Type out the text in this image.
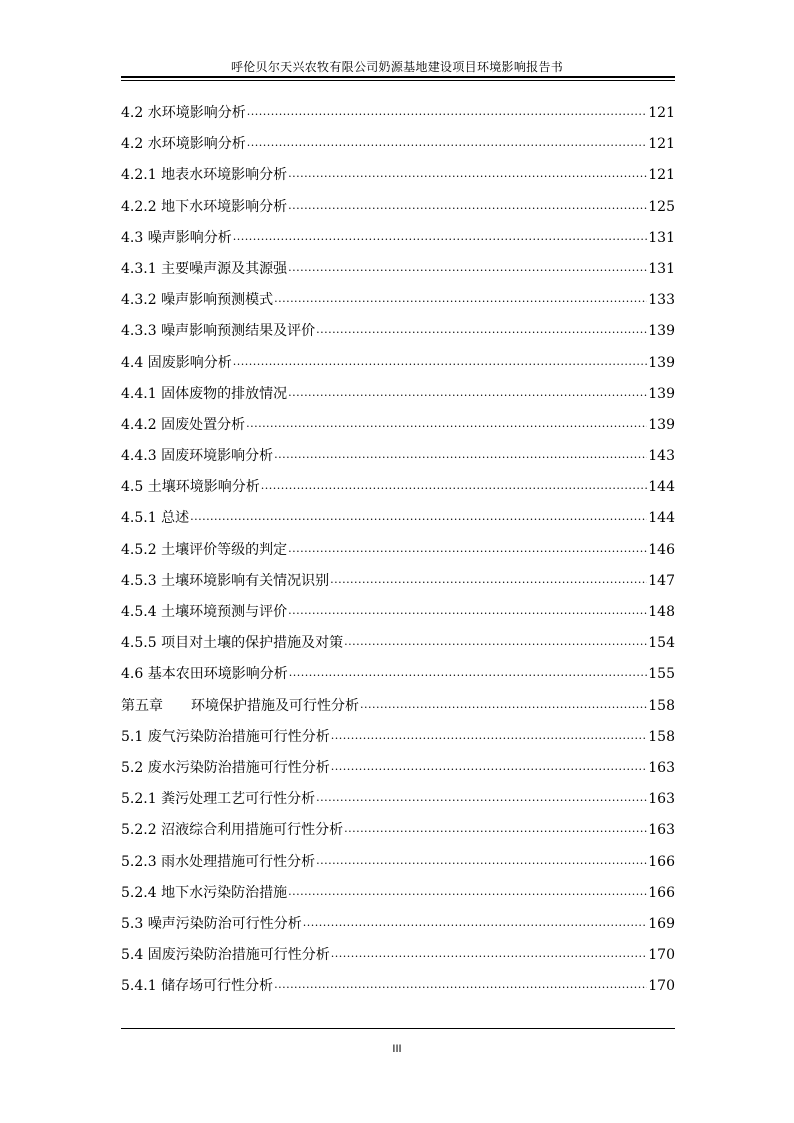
呼伦贝尔天兴农牧有限公司奶源基地建设项目环境影响报告书
4.2 水环境影响分析 .....	121
4.2 水环境影响分析 .....	121
4.2.1 地表水环境影响分析 .....	121
4.2.2 地下水环境影响分析 .....	125
4.3 噪声影响分析 .....	131
4.3.1 主要噪声源及其源强 .....	131
4.3.2 噪声影响预测模式 .....	133
4.3.3 噪声影响预测结果及评价 .....	139
4.4 固废影响分析 .....	139
4.4.1 固体废物的排放情况 .....	139
4.4.2 固废处置分析 .....	139
4.4.3 固废环境影响分析 .....	143
4.5 土壤环境影响分析 .....	144
4.5.1 总述 .....	144
4.5.2 土壤评价等级的判定 .....	146
4.5.3 土壤环境影响有关情况识别 .....	147
4.5.4 土壤环境预测与评价 .....	148
4.5.5 项目对土壤的保护措施及对策 .....	154
4.6 基本农田环境影响分析 .....	155
第五章　　环境保护措施及可行性分析 .....	158
5.1 废气污染防治措施可行性分析 .....	158
5.2 废水污染防治措施可行性分析 .....	163
5.2.1 粪污处理工艺可行性分析 .....	163
5.2.2 沼液综合利用措施可行性分析 .....	163
5.2.3 雨水处理措施可行性分析 .....	166
5.2.4 地下水污染防治措施 .....	166
5.3 噪声污染防治可行性分析 .....	169
5.4 固废污染防治措施可行性分析 .....	170
5.4.1 储存场可行性分析 .....	170
III
